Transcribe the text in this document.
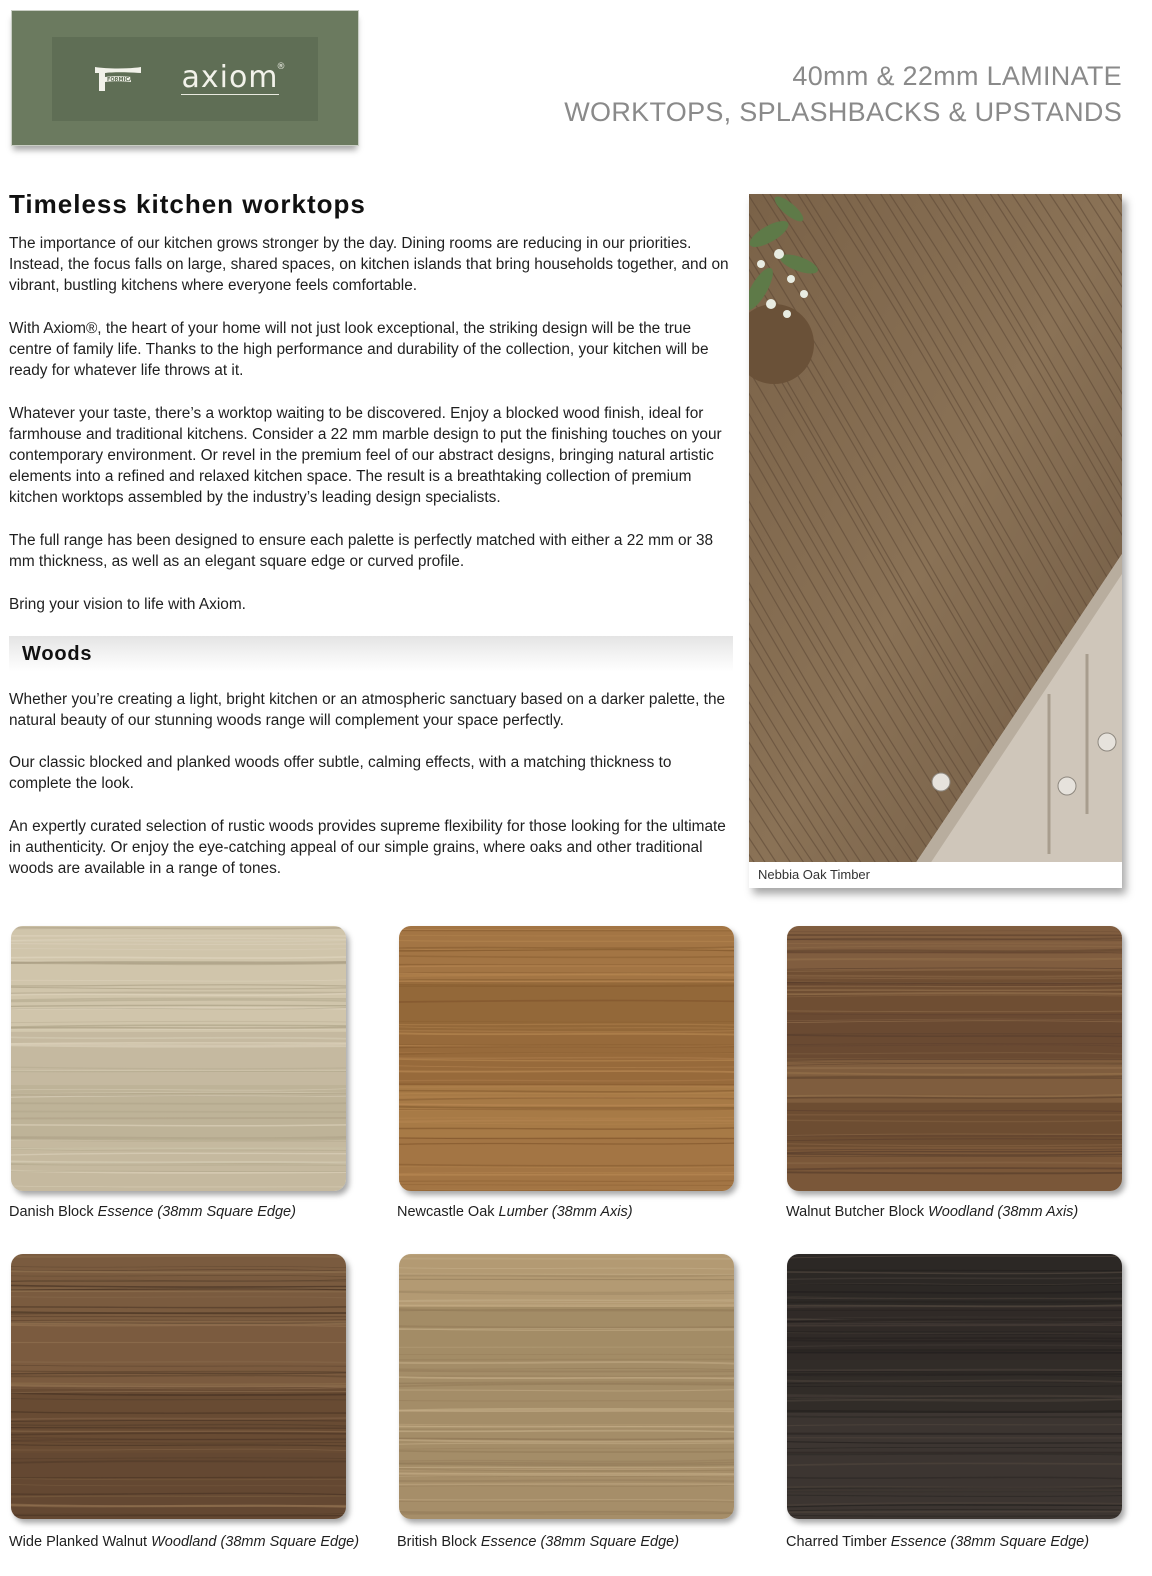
FORMICA axiom
®	40mm & 22mm LAMINATE
WORKTOPS, SPLASHBACKS & UPSTANDS
Timeless kitchen worktops

The importance of our kitchen grows stronger by the day. Dining rooms are reducing in our priorities. Instead, the focus falls on large, shared spaces, on kitchen islands that bring households together, and on vibrant, bustling kitchens where everyone feels comfortable.

With Axiom®, the heart of your home will not just look exceptional, the striking design will be the true centre of family life. Thanks to the high performance and durability of the collection, your kitchen will be ready for whatever life throws at it.

Whatever your taste, there’s a worktop waiting to be discovered. Enjoy a blocked wood finish, ideal for farmhouse and traditional kitchens. Consider a 22 mm marble design to put the finishing touches on your contemporary environment. Or revel in the premium feel of our abstract designs, bringing natural artistic elements into a refined and relaxed kitchen space. The result is a breathtaking collection of premium kitchen worktops assembled by the industry’s leading design specialists.

The full range has been designed to ensure each palette is perfectly matched with either a 22 mm or 38 mm thickness, as well as an elegant square edge or curved profile.

Bring your vision to life with Axiom.

Woods

Whether you’re creating a light, bright kitchen or an atmospheric sanctuary based on a darker palette, the natural beauty of our stunning woods range will complement your space perfectly.

Our classic blocked and planked woods offer subtle, calming effects, with a matching thickness to complete the look.

An expertly curated selection of rustic woods provides supreme flexibility for those looking for the ultimate in authenticity. Or enjoy the eye-catching appeal of our simple grains, where oaks and other traditional woods are available in a range of tones.	Nebbia Oak Timber
Danish Block Essence (38mm Square Edge)	Newcastle Oak Lumber (38mm Axis)	Walnut Butcher Block Woodland (38mm Axis)
Wide Planked Walnut Woodland (38mm Square Edge)	British Block Essence (38mm Square Edge)	Charred Timber Essence (38mm Square Edge)
